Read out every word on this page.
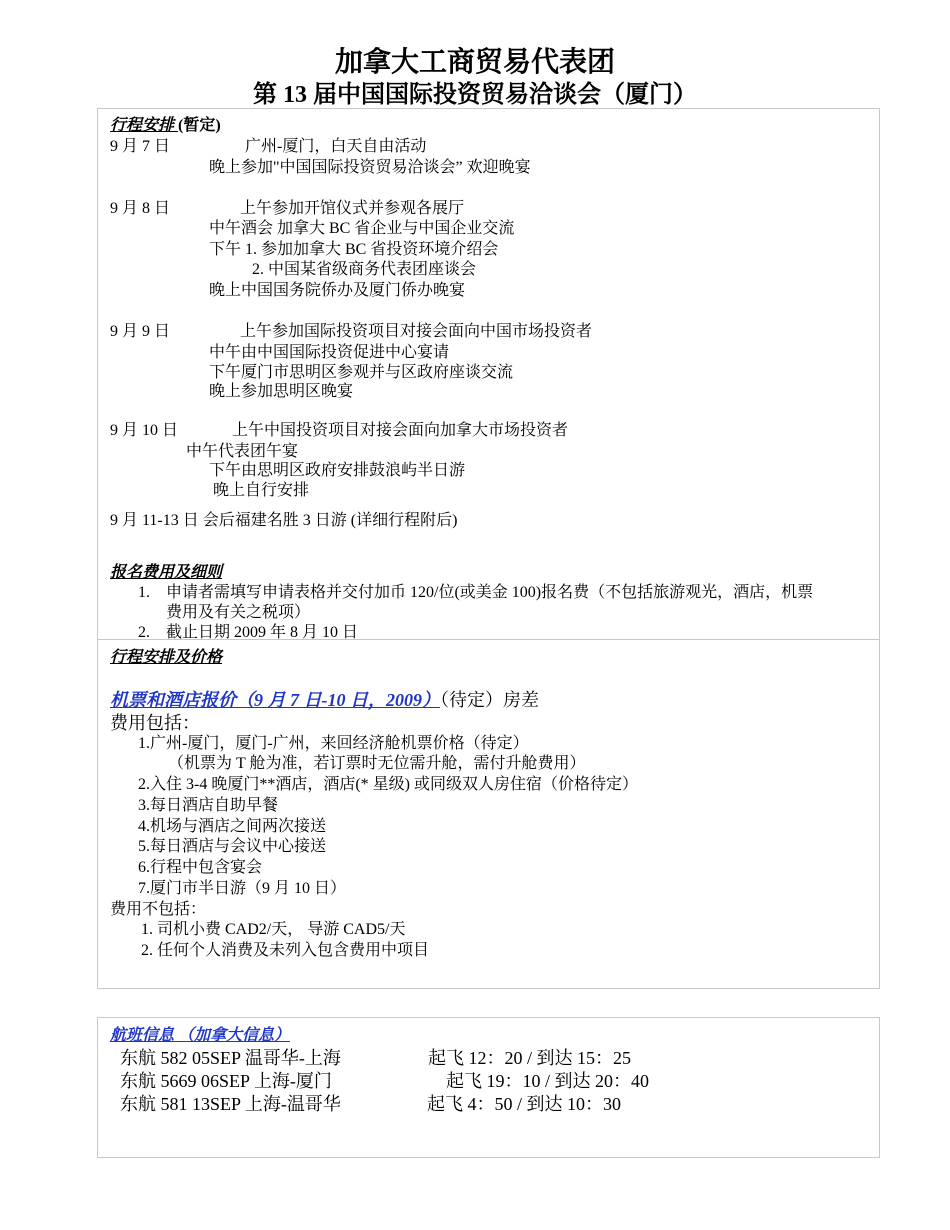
加拿大工商贸易代表团
第 13 届中国国际投资贸易洽谈会（厦门）
行程安排 (暂定)
9 月 7 日	广州-厦门，白天自由活动
晚上参加"中国国际投资贸易洽谈会” 欢迎晚宴
9 月 8 日	上午参加开馆仪式并参观各展厅
中午酒会 加拿大 BC 省企业与中国企业交流
下午 1. 参加加拿大 BC 省投资环境介绍会
2. 中国某省级商务代表团座谈会
晚上中国国务院侨办及厦门侨办晚宴
9 月 9 日	上午参加国际投资项目对接会面向中国市场投资者
中午由中国国际投资促进中心宴请
下午厦门市思明区参观并与区政府座谈交流
晚上参加思明区晚宴
9 月 10 日	上午中国投资项目对接会面向加拿大市场投资者
中午代表团午宴
下午由思明区政府安排鼓浪屿半日游
晚上自行安排
9 月 11-13 日 会后福建名胜 3 日游 (详细行程附后)
报名费用及细则
1. 申请者需填写申请表格并交付加币 120/位(或美金 100)报名费（不包括旅游观光，酒店，机票
费用及有关之税项）
2. 截止日期 2009 年 8 月 10 日
行程安排及价格
机票和酒店报价（9 月 7 日-10 日，2009）（待定）房差
费用包括：
1.广州-厦门，厦门-广州，来回经济舱机票价格（待定）
（机票为 T 舱为准，若订票时无位需升舱，需付升舱费用）
2.入住 3-4 晚厦门**酒店，酒店(* 星级) 或同级双人房住宿（价格待定）
3.每日酒店自助早餐
4.机场与酒店之间两次接送
5.每日酒店与会议中心接送
6.行程中包含宴会
7.厦门市半日游（9 月 10 日）
费用不包括：
1. 司机小费 CAD2/天， 导游 CAD5/天
2. 任何个人消费及未列入包含费用中项目
航班信息 （加拿大信息）
东航 582 05SEP 温哥华-上海	起飞 12：20 / 到达 15：25
东航 5669 06SEP 上海-厦门	起飞 19：10 / 到达 20：40
东航 581 13SEP 上海-温哥华	起飞 4：50 / 到达 10：30
